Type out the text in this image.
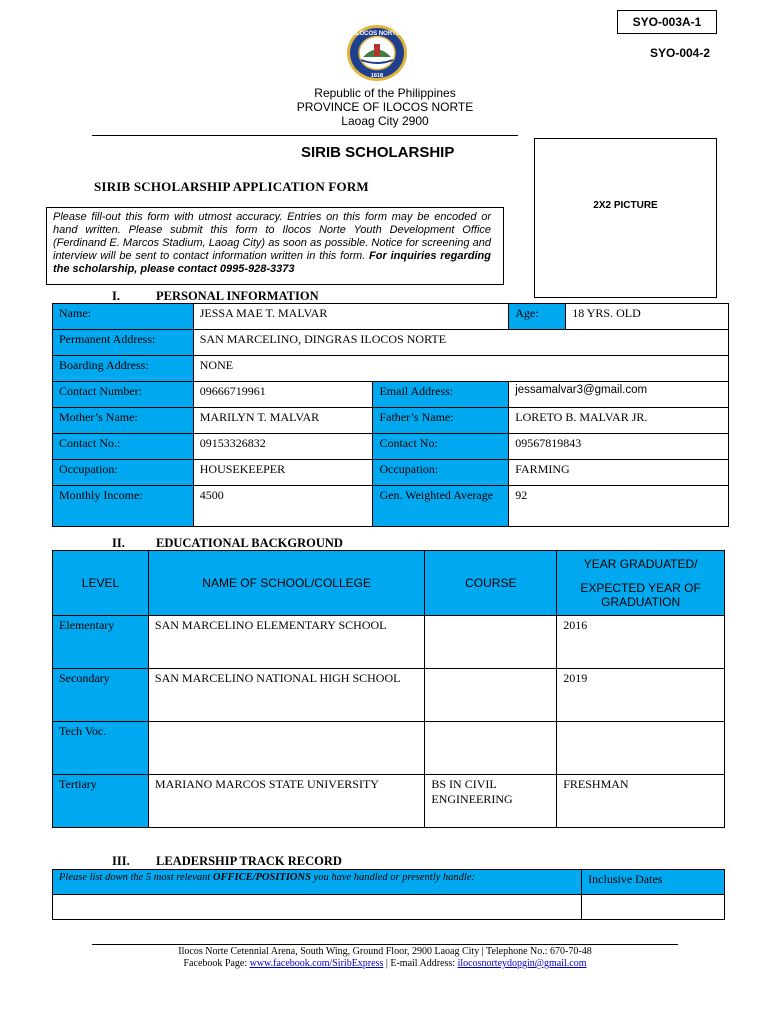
SYO-003A-1
SYO-004-2
ILOCOS NORTE
1818
Republic of the Philippines
PROVINCE OF ILOCOS NORTE
Laoag City 2900
SIRIB SCHOLARSHIP
SIRIB SCHOLARSHIP APPLICATION FORM
2X2 PICTURE
Please fill-out this form with utmost accuracy. Entries on this form may be encoded or hand written. Please submit this form to Ilocos Norte Youth Development Office (Ferdinand E. Marcos Stadium, Laoag City) as soon as possible. Notice for screening and interview will be sent to contact information written in this form. For inquiries regarding the scholarship, please contact 0995-928-3373
I.	PERSONAL INFORMATION
Name:	JESSA MAE T. MALVAR		Age:	18 YRS. OLD
Permanent Address:	SAN MARCELINO, DINGRAS ILOCOS NORTE			
Boarding Address:	NONE			
Contact Number:	09666719961	Email Address:	jessamalvar3@gmail.com	
Mother’s Name:	MARILYN T. MALVAR	Father’s Name:	LORETO B. MALVAR JR.	
Contact No.:	09153326832	Contact No:	09567819843	
Occupation:	HOUSEKEEPER	Occupation:	FARMING	
Monthly Income:	4500	Gen. Weighted Average	92	
II. EDUCATIONAL BACKGROUND
LEVEL	NAME OF SCHOOL/COLLEGE	COURSE	YEAR GRADUATED/
EXPECTED YEAR OF GRADUATION

Elementary	SAN MARCELINO ELEMENTARY SCHOOL		2016
Secondary	SAN MARCELINO NATIONAL HIGH SCHOOL		2019
Tech Voc.			
Tertiary	MARIANO MARCOS STATE UNIVERSITY	BS IN CIVIL ENGINEERING	FRESHMAN
III. LEADERSHIP TRACK RECORD
Please list down the 5 most relevant OFFICE/POSITIONS you have handled or presently handle:	Inclusive Dates

Ilocos Norte Cetennial Arena, South Wing, Ground Floor, 2900 Laoag City | Telephone No.: 670-70-48
Facebook Page: www.facebook.com/SiribExpress | E-mail Address: ilocosnorteydopgin@gmail.com
